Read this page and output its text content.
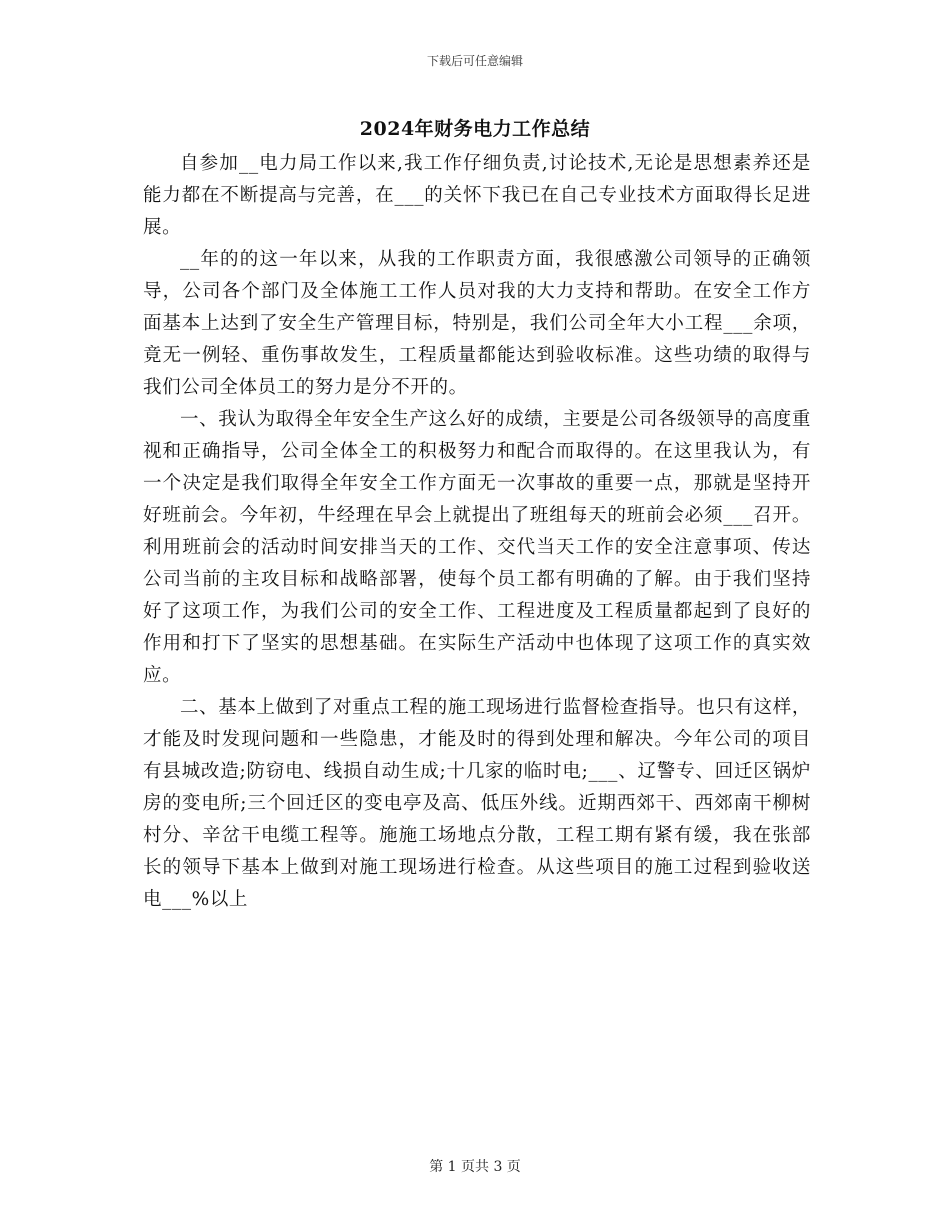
下载后可任意编辑
2024年财务电力工作总结

自参加__电力局工作以来,我工作仔细负责,讨论技术,无论是思想素养还是能力都在不断提高与完善，在___的关怀下我已在自己专业技术方面取得长足进展。

__年的的这一年以来，从我的工作职责方面，我很感激公司领导的正确领导，公司各个部门及全体施工工作人员对我的大力支持和帮助。在安全工作方面基本上达到了安全生产管理目标，特别是，我们公司全年大小工程___余项，竟无一例轻、重伤事故发生，工程质量都能达到验收标准。这些功绩的取得与我们公司全体员工的努力是分不开的。

一、我认为取得全年安全生产这么好的成绩，主要是公司各级领导的高度重视和正确指导，公司全体全工的积极努力和配合而取得的。在这里我认为，有一个决定是我们取得全年安全工作方面无一次事故的重要一点，那就是坚持开好班前会。今年初，牛经理在早会上就提出了班组每天的班前会必须___召开。利用班前会的活动时间安排当天的工作、交代当天工作的安全注意事项、传达公司当前的主攻目标和战略部署，使每个员工都有明确的了解。由于我们坚持好了这项工作，为我们公司的安全工作、工程进度及工程质量都起到了良好的作用和打下了坚实的思想基础。在实际生产活动中也体现了这项工作的真实效应。

二、基本上做到了对重点工程的施工现场进行监督检查指导。也只有这样，才能及时发现问题和一些隐患，才能及时的得到处理和解决。今年公司的项目有县城改造;防窃电、线损自动生成;十几家的临时电;___、辽警专、回迁区锅炉房的变电所;三个回迁区的变电亭及高、低压外线。近期西郊干、西郊南干柳树村分、辛岔干电缆工程等。施施工场地点分散，工程工期有紧有缓，我在张部长的领导下基本上做到对施工现场进行检查。从这些项目的施工过程到验收送电___%以上

第 1 页共 3 页
